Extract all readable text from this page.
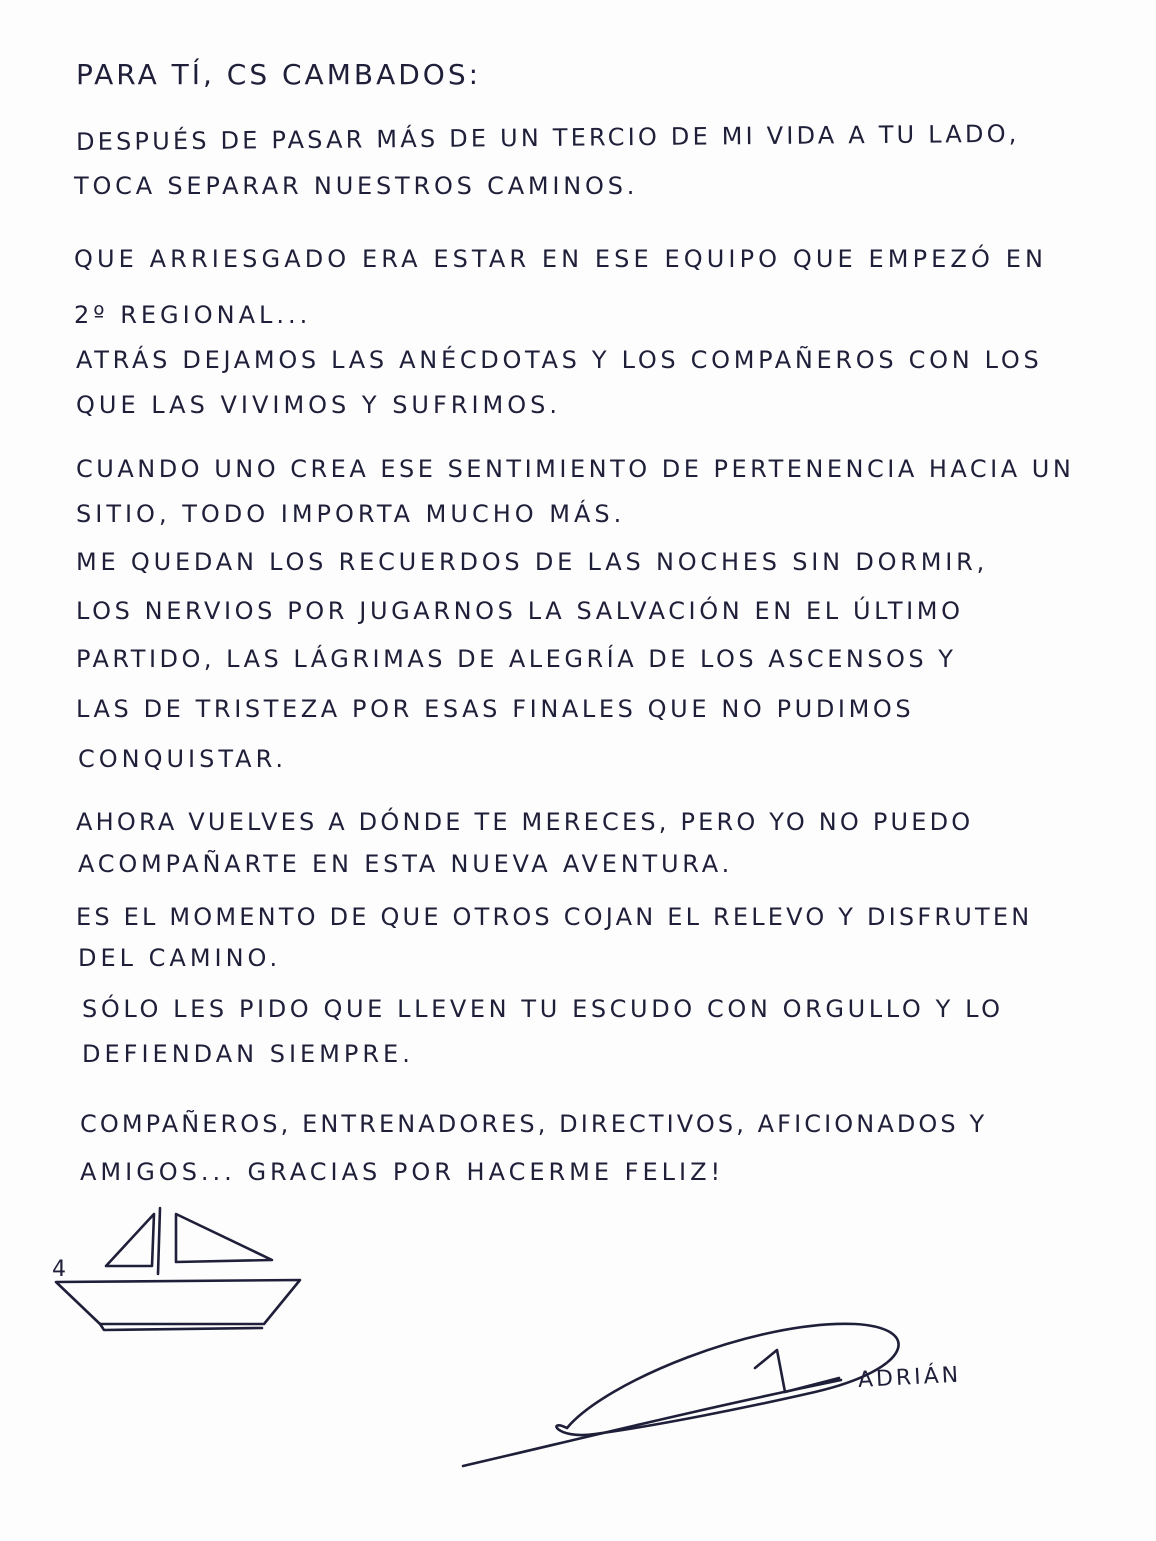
PARA TÍ, CS CAMBADOS:
DESPUÉS DE PASAR MÁS DE UN TERCIO DE MI VIDA A TU LADO,
TOCA SEPARAR NUESTROS CAMINOS.
QUE ARRIESGADO ERA ESTAR EN ESE EQUIPO QUE EMPEZÓ EN
2º REGIONAL...
ATRÁS DEJAMOS LAS ANÉCDOTAS Y LOS COMPAÑEROS CON LOS
QUE LAS VIVIMOS Y SUFRIMOS.
CUANDO UNO CREA ESE SENTIMIENTO DE PERTENENCIA HACIA UN
SITIO, TODO IMPORTA MUCHO MÁS.
ME QUEDAN LOS RECUERDOS DE LAS NOCHES SIN DORMIR,
LOS NERVIOS POR JUGARNOS LA SALVACIÓN EN EL ÚLTIMO
PARTIDO, LAS LÁGRIMAS DE ALEGRÍA DE LOS ASCENSOS Y
LAS DE TRISTEZA POR ESAS FINALES QUE NO PUDIMOS
CONQUISTAR.
AHORA VUELVES A DÓNDE TE MERECES, PERO YO NO PUEDO
ACOMPAÑARTE EN ESTA NUEVA AVENTURA.
ES EL MOMENTO DE QUE OTROS COJAN EL RELEVO Y DISFRUTEN
DEL CAMINO.
SÓLO LES PIDO QUE LLEVEN TU ESCUDO CON ORGULLO Y LO
DEFIENDAN SIEMPRE.
COMPAÑEROS, ENTRENADORES, DIRECTIVOS, AFICIONADOS Y
AMIGOS... GRACIAS POR HACERME FELIZ!
4
ADRIÁN
